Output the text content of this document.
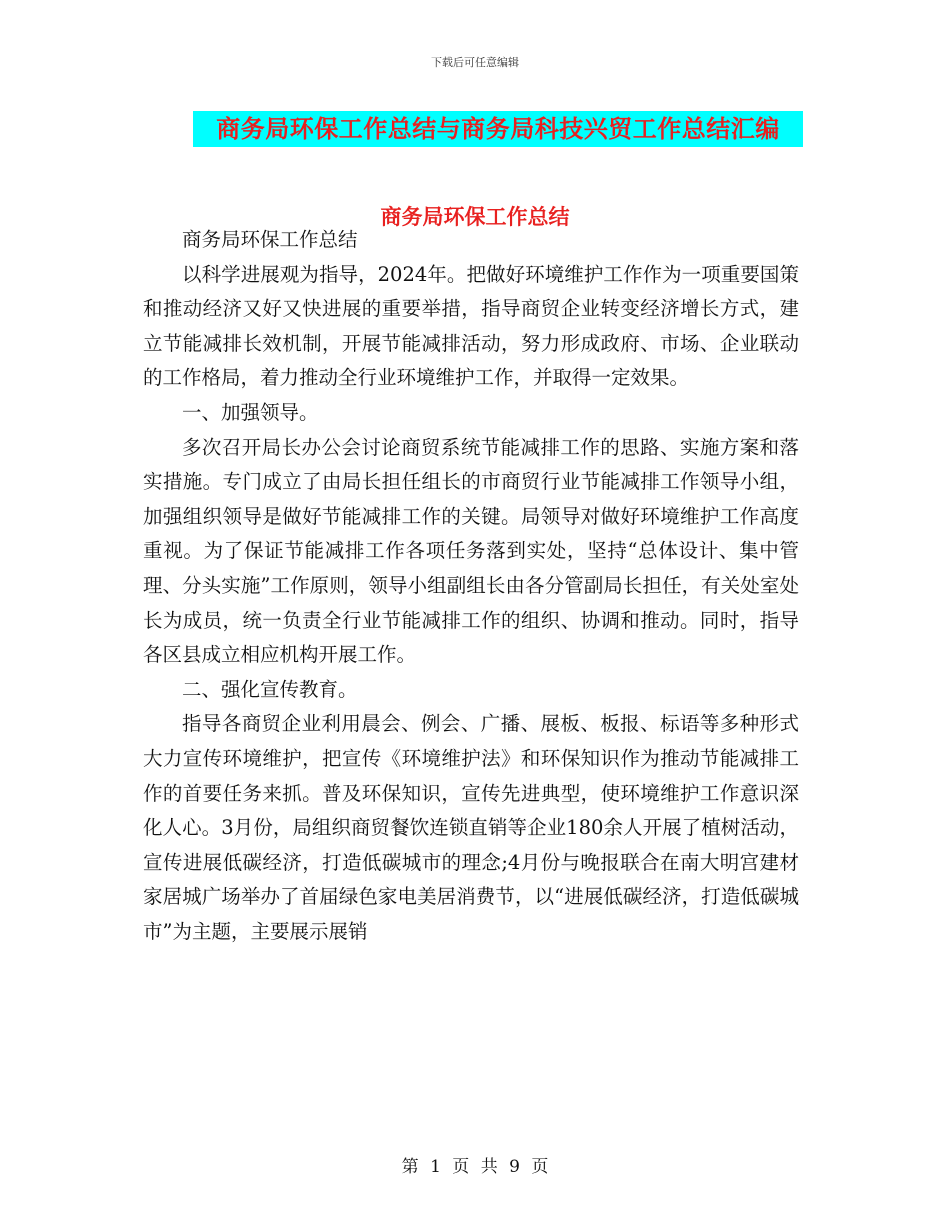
下载后可任意编辑
商务局环保工作总结与商务局科技兴贸工作总结汇编
商务局环保工作总结

商务局环保工作总结

以科学进展观为指导，2024年。把做好环境维护工作作为一项重要国策和推动经济又好又快进展的重要举措，指导商贸企业转变经济增长方式，建立节能减排长效机制，开展节能减排活动，努力形成政府、市场、企业联动的工作格局，着力推动全行业环境维护工作，并取得一定效果。

一、加强领导。

多次召开局长办公会讨论商贸系统节能减排工作的思路、实施方案和落实措施。专门成立了由局长担任组长的市商贸行业节能减排工作领导小组，加强组织领导是做好节能减排工作的关键。局领导对做好环境维护工作高度重视。为了保证节能减排工作各项任务落到实处，坚持“总体设计、集中管理、分头实施”工作原则，领导小组副组长由各分管副局长担任，有关处室处长为成员，统一负责全行业节能减排工作的组织、协调和推动。同时，指导各区县成立相应机构开展工作。

二、强化宣传教育。

指导各商贸企业利用晨会、例会、广播、展板、板报、标语等多种形式大力宣传环境维护，把宣传《环境维护法》和环保知识作为推动节能减排工作的首要任务来抓。普及环保知识，宣传先进典型，使环境维护工作意识深化人心。3月份，局组织商贸餐饮连锁直销等企业180余人开展了植树活动，宣传进展低碳经济，打造低碳城市的理念;4月份与晚报联合在南大明宫建材家居城广场举办了首届绿色家电美居消费节，以“进展低碳经济，打造低碳城市”为主题，主要展示展销

第 1 页 共 9 页
